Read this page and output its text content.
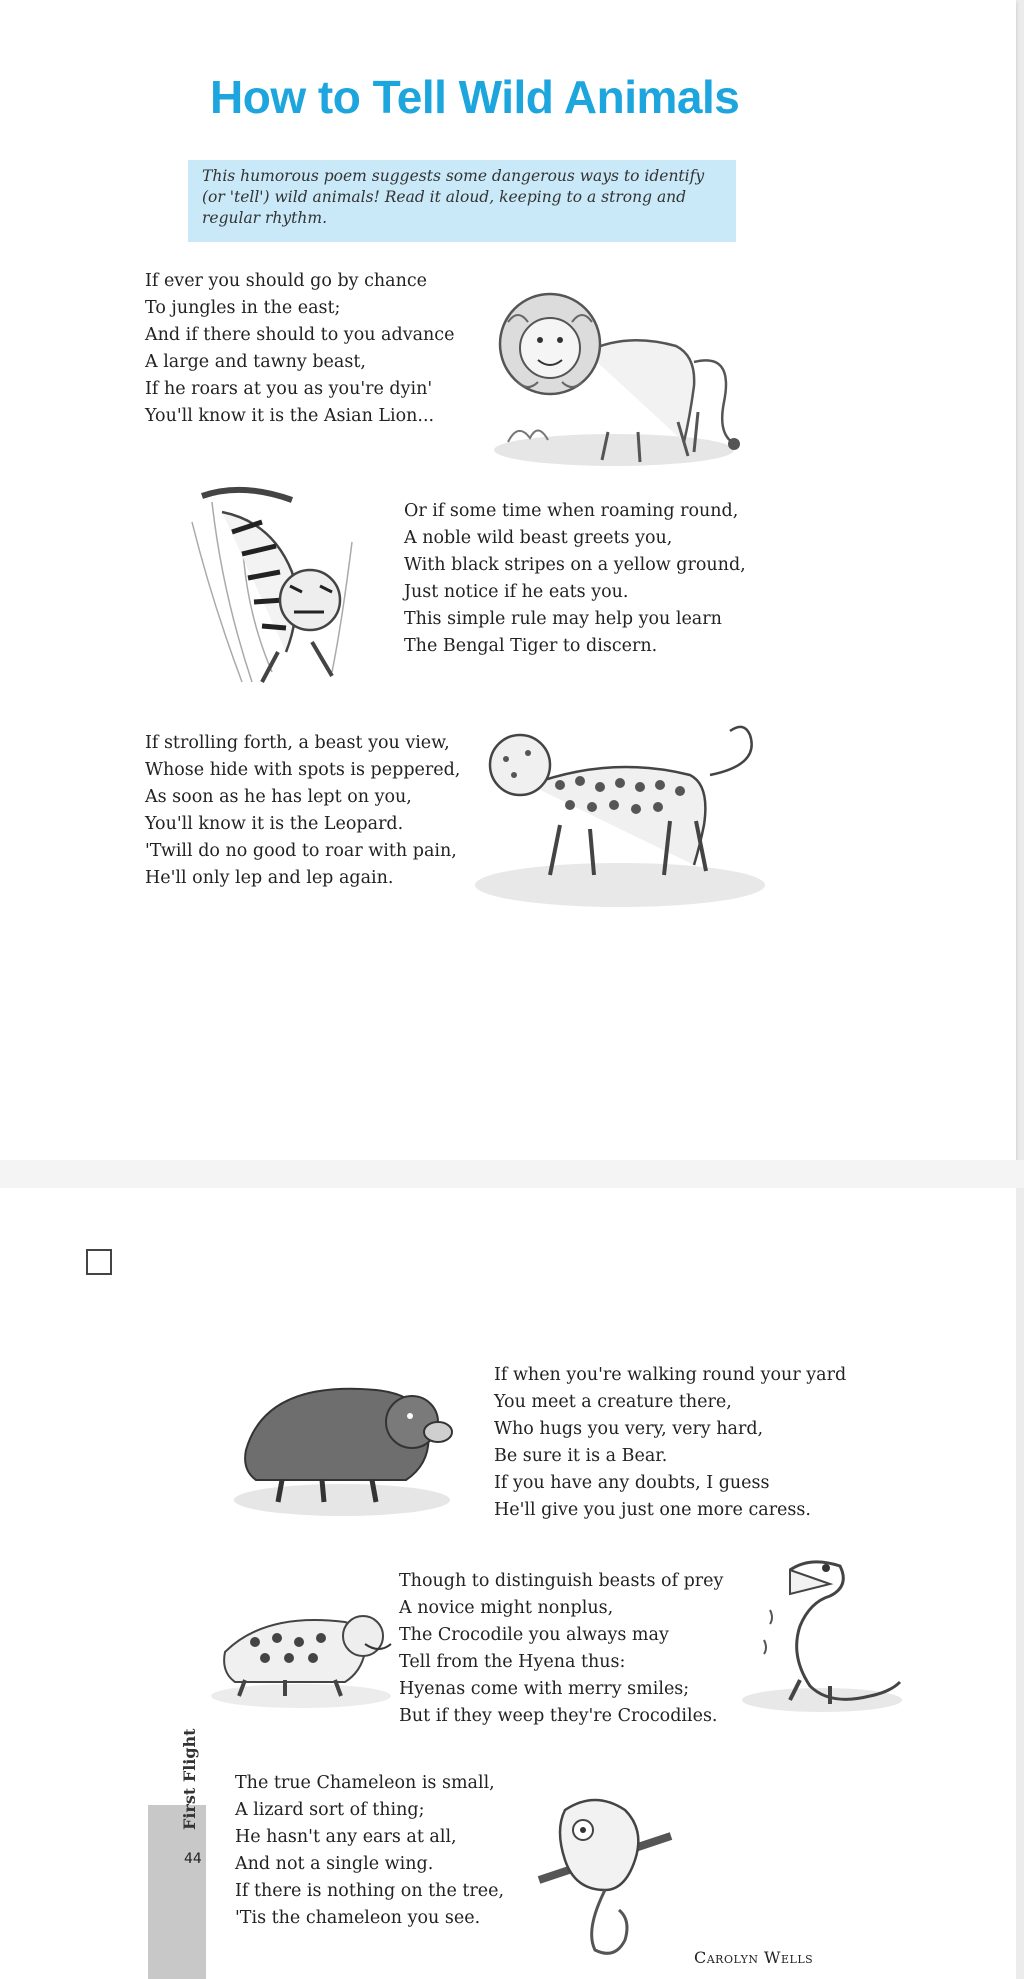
How to Tell Wild Animals
This humorous poem suggests some dangerous ways to identify (or 'tell') wild animals! Read it aloud, keeping to a strong and regular rhythm.
If ever you should go by chance
To jungles in the east;
And if there should to you advance
A large and tawny beast,
If he roars at you as you're dyin'
You'll know it is the Asian Lion...
Or if some time when roaming round,
A noble wild beast greets you,
With black stripes on a yellow ground,
Just notice if he eats you.
This simple rule may help you learn
The Bengal Tiger to discern.
If strolling forth, a beast you view,
Whose hide with spots is peppered,
As soon as he has lept on you,
You'll know it is the Leopard.
'Twill do no good to roar with pain,
He'll only lep and lep again.
If when you're walking round your yard
You meet a creature there,
Who hugs you very, very hard,
Be sure it is a Bear.
If you have any doubts, I guess
He'll give you just one more caress.
Though to distinguish beasts of prey
A novice might nonplus,
The Crocodile you always may
Tell from the Hyena thus:
Hyenas come with merry smiles;
But if they weep they're Crocodiles.
The true Chameleon is small,
A lizard sort of thing;
He hasn't any ears at all,
And not a single wing.
If there is nothing on the tree,
'Tis the chameleon you see.
First Flight
44
Carolyn Wells
